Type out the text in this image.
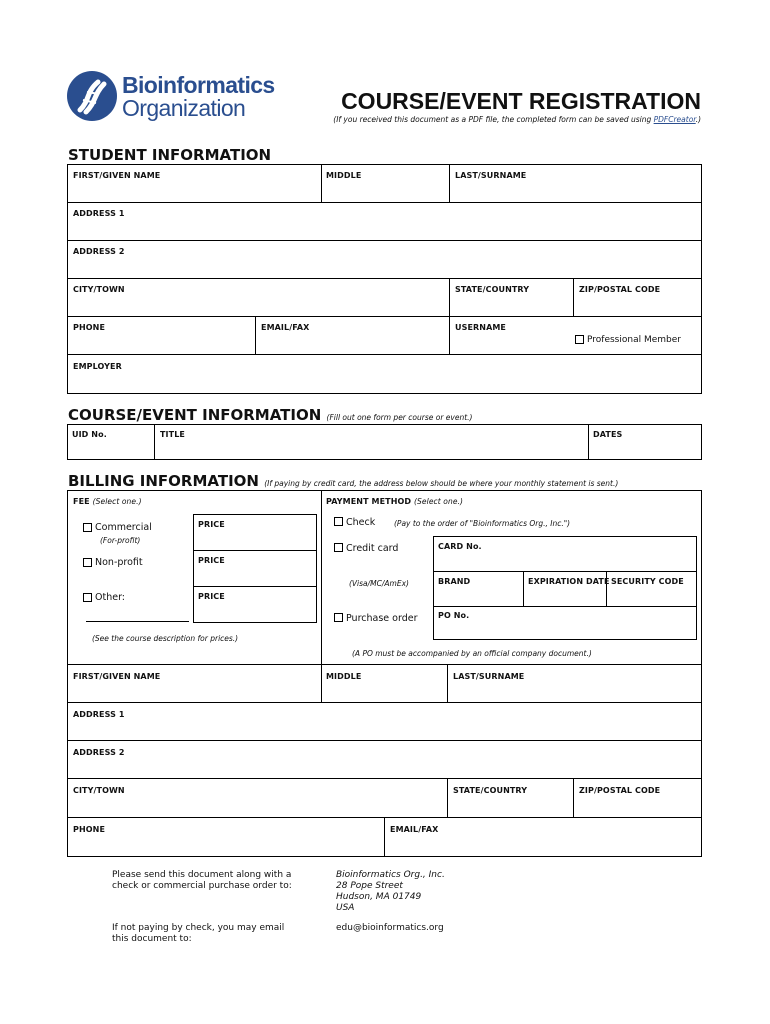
Bioinformatics
Organization	COURSE/EVENT REGISTRATION
(If you received this document as a PDF file, the completed form can be saved using PDFCreator.)
STUDENT INFORMATION
FIRST/GIVEN NAME	MIDDLE	LAST/SURNAME
ADDRESS 1
ADDRESS 2
CITY/TOWN	STATE/COUNTRY	ZIP/POSTAL CODE
PHONE	EMAIL/FAX	USERNAME
Professional Member
EMPLOYER
COURSE/EVENT INFORMATION (Fill out one form per course or event.)
UID No.	TITLE	DATES
BILLING INFORMATION (If paying by credit card, the address below should be where your monthly statement is sent.)
FEE (Select one.)
Commercial
(For-profit)
PRICE
Non-profit	PRICE
Other:	PRICE
(See the course description for prices.)
PAYMENT METHOD (Select one.)
Check	(Pay to the order of "Bioinformatics Org., Inc.")
Credit card
(Visa/MC/AmEx)
CARD No.
BRAND	EXPIRATION DATE SECURITY CODE
Purchase order	PO No.
(A PO must be accompanied by an official company document.)
FIRST/GIVEN NAME	MIDDLE	LAST/SURNAME
ADDRESS 1
ADDRESS 2
CITY/TOWN	STATE/COUNTRY	ZIP/POSTAL CODE
PHONE	EMAIL/FAX
Please send this document along with a
check or commercial purchase order to:
Bioinformatics Org., Inc.
28 Pope Street
Hudson, MA 01749
USA
If not paying by check, you may email
this document to:
edu@bioinformatics.org
